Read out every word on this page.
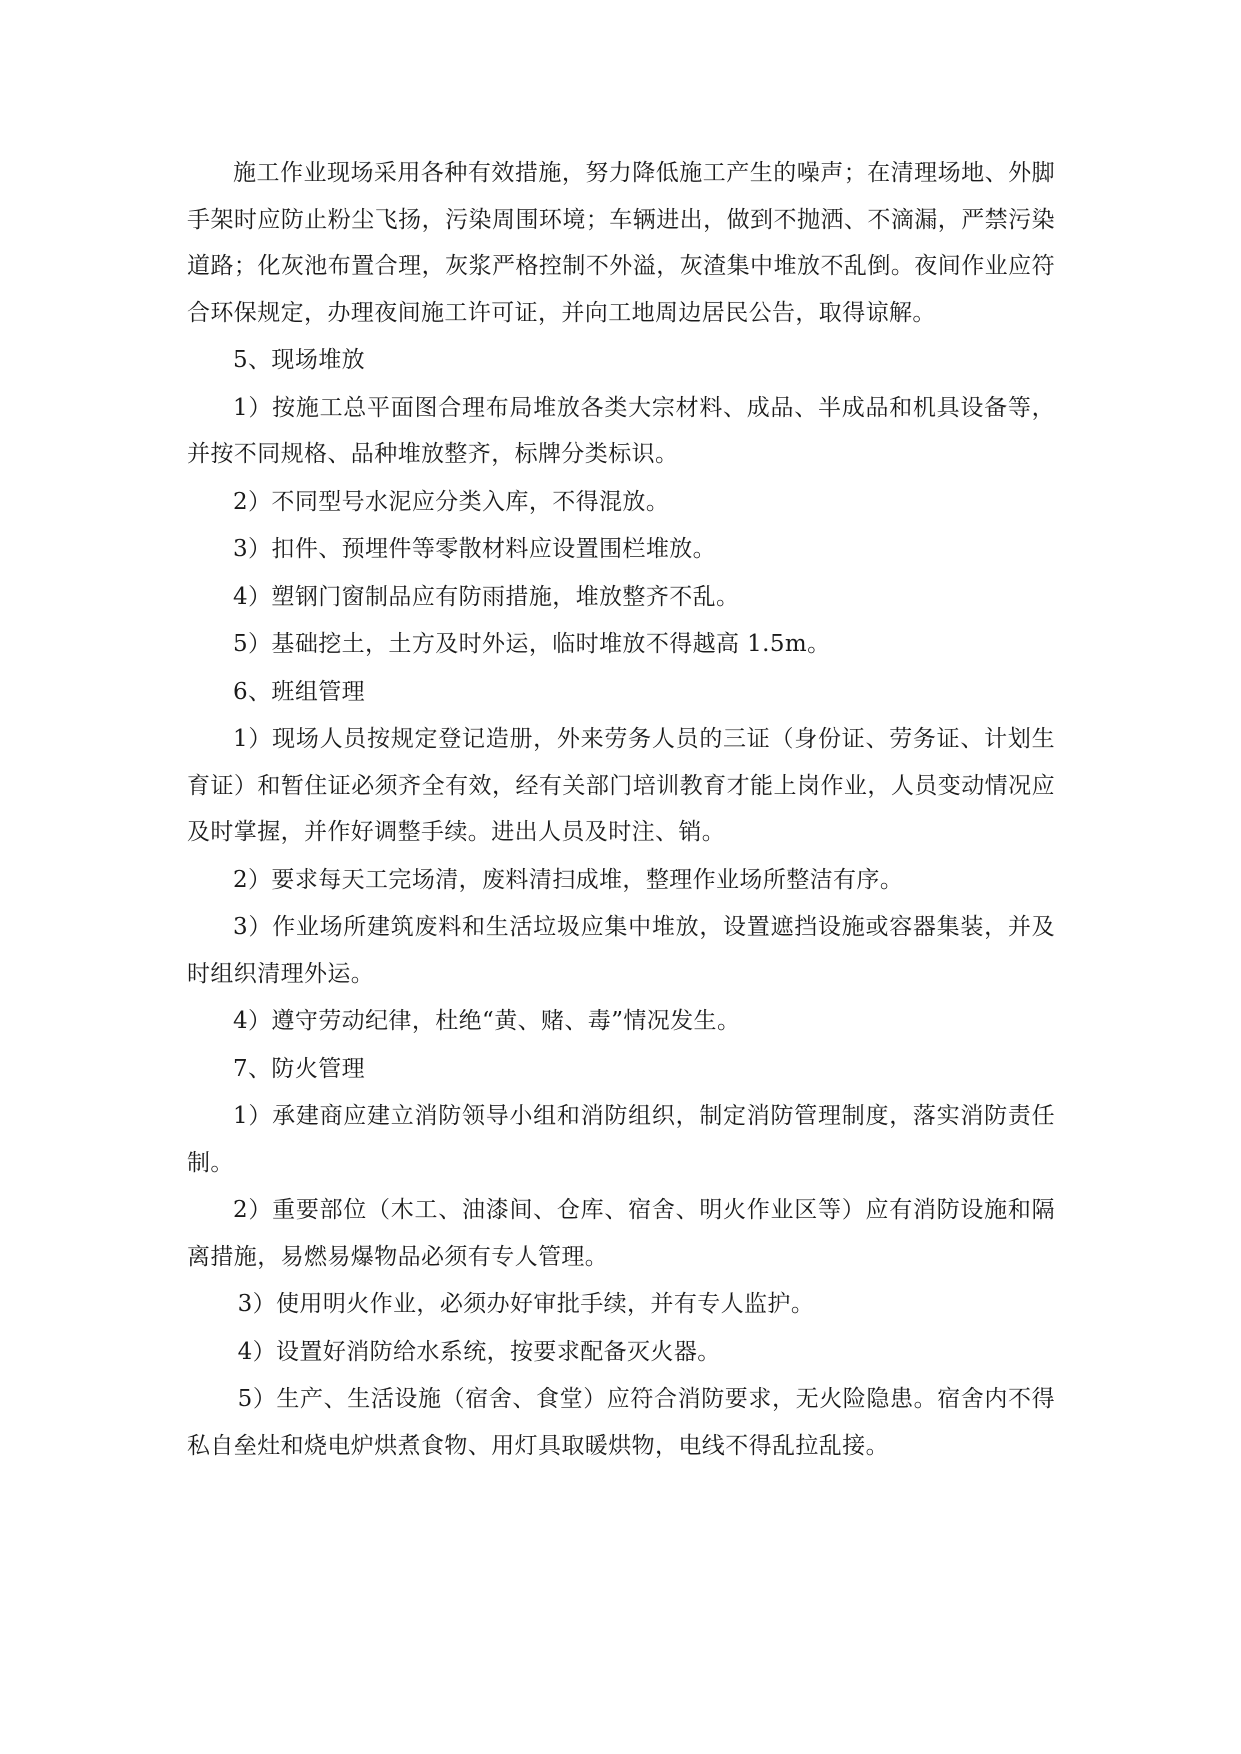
施工作业现场采用各种有效措施，努力降低施工产生的噪声；在清理场地、外脚手架时应防止粉尘飞扬，污染周围环境；车辆进出，做到不抛洒、不滴漏，严禁污染道路；化灰池布置合理，灰浆严格控制不外溢，灰渣集中堆放不乱倒。夜间作业应符合环保规定，办理夜间施工许可证，并向工地周边居民公告，取得谅解。

5、现场堆放

1）按施工总平面图合理布局堆放各类大宗材料、成品、半成品和机具设备等，并按不同规格、品种堆放整齐，标牌分类标识。

2）不同型号水泥应分类入库，不得混放。

3）扣件、预埋件等零散材料应设置围栏堆放。

4）塑钢门窗制品应有防雨措施，堆放整齐不乱。

5）基础挖土，土方及时外运，临时堆放不得越高 1.5m。

6、班组管理

1）现场人员按规定登记造册，外来劳务人员的三证（身份证、劳务证、计划生育证）和暂住证必须齐全有效，经有关部门培训教育才能上岗作业，人员变动情况应及时掌握，并作好调整手续。进出人员及时注、销。

2）要求每天工完场清，废料清扫成堆，整理作业场所整洁有序。

3）作业场所建筑废料和生活垃圾应集中堆放，设置遮挡设施或容器集装，并及时组织清理外运。

4）遵守劳动纪律，杜绝“黄、赌、毒”情况发生。

7、防火管理

1）承建商应建立消防领导小组和消防组织，制定消防管理制度，落实消防责任制。

2）重要部位（木工、油漆间、仓库、宿舍、明火作业区等）应有消防设施和隔离措施，易燃易爆物品必须有专人管理。

3）使用明火作业，必须办好审批手续，并有专人监护。

4）设置好消防给水系统，按要求配备灭火器。

5）生产、生活设施（宿舍、食堂）应符合消防要求，无火险隐患。宿舍内不得私自垒灶和烧电炉烘煮食物、用灯具取暖烘物，电线不得乱拉乱接。
